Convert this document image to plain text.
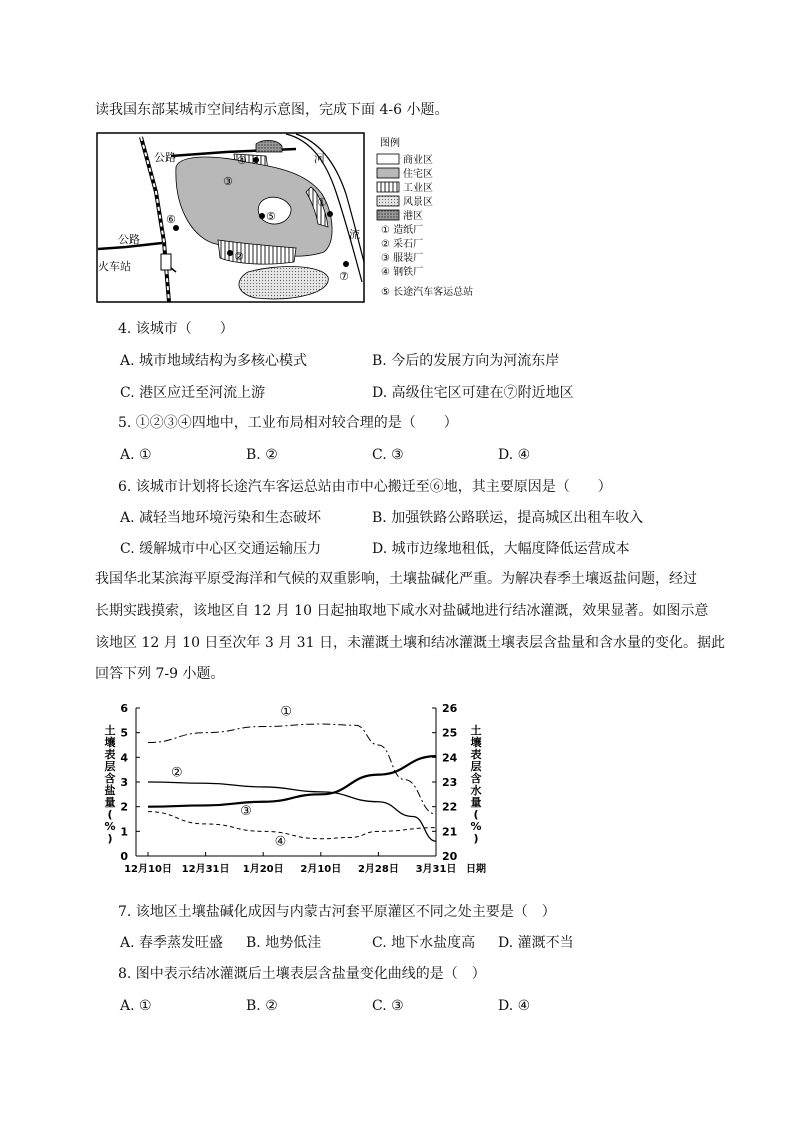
读我国东部某城市空间结构示意图，完成下面 4-6 小题。
④
③
⑤
①
②
⑥
⑦
公路
公路
火车站
河
流
图例
商业区
住宅区
工业区
风景区
港区
① 造纸厂
② 采石厂
③ 服装厂
④ 钢铁厂
⑤ 长途汽车客运总站
4. 该城市（　　）
A. 城市地域结构为多核心模式	B. 今后的发展方向为河流东岸
C. 港区应迁至河流上游	D. 高级住宅区可建在⑦附近地区
5. ①②③④四地中，工业布局相对较合理的是（　　）
A. ①	B. ②	C. ③	D. ④
6. 该城市计划将长途汽车客运总站由市中心搬迁至⑥地，其主要原因是（　　）
A. 减轻当地环境污染和生态破坏	B. 加强铁路公路联运，提高城区出租车收入
C. 缓解城市中心区交通运输压力	D. 城市边缘地租低，大幅度降低运营成本
我国华北某滨海平原受海洋和气候的双重影响，土壤盐碱化严重。为解决春季土壤返盐问题，经过
长期实践摸索，该地区自 12 月 10 日起抽取地下咸水对盐碱地进行结冰灌溉，效果显著。如图示意
该地区 12 月 10 日至次年 3 月 31 日，未灌溉土壤和结冰灌溉土壤表层含盐量和含水量的变化。据此
回答下列 7-9 小题。
0
1
2
3
4
5
6
20
21
22
23
24
25
26
12月10日 12月31日 1月20日 2月10日 2月28日 3月31日 日期
①
②
③
④
土
壤
表
层
含
盐
量
(
%
)
土
壤
表
层
含
水
量
(
%
)
7. 该地区土壤盐碱化成因与内蒙古河套平原灌区不同之处主要是（　）
A. 春季蒸发旺盛 B. 地势低洼	C. 地下水盐度高 D. 灌溉不当
8. 图中表示结冰灌溉后土壤表层含盐量变化曲线的是（　）
A. ①	B. ②	C. ③	D. ④
